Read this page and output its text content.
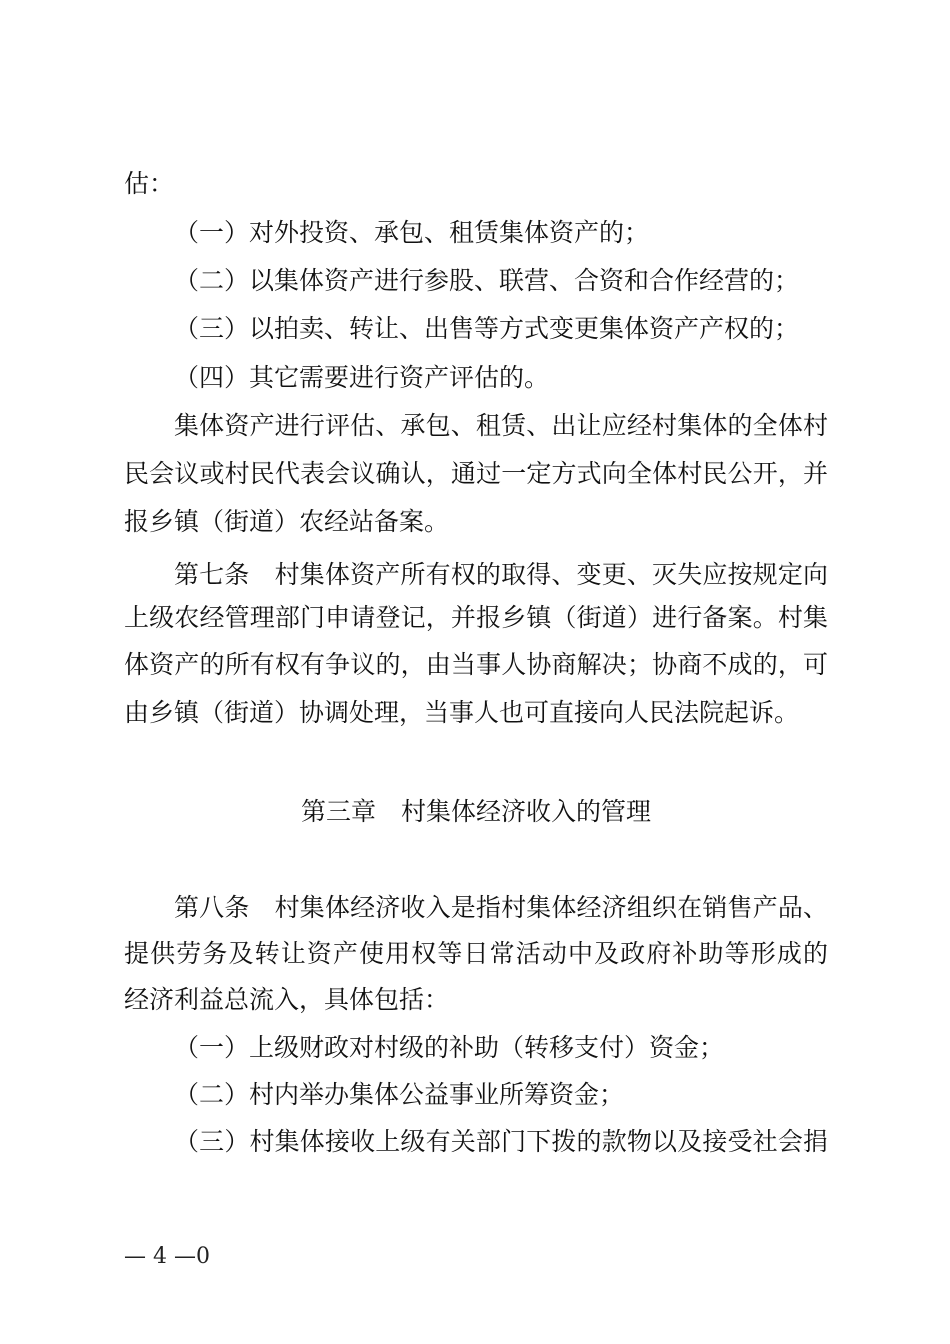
估：
（一）对外投资、承包、租赁集体资产的；
（二）以集体资产进行参股、联营、合资和合作经营的；
（三）以拍卖、转让、出售等方式变更集体资产产权的；
（四）其它需要进行资产评估的。
集体资产进行评估、承包、租赁、出让应经村集体的全体村
民会议或村民代表会议确认，通过一定方式向全体村民公开，并
报乡镇（街道）农经站备案。
第七条　村集体资产所有权的取得、变更、灭失应按规定向
上级农经管理部门申请登记，并报乡镇（街道）进行备案。村集
体资产的所有权有争议的，由当事人协商解决；协商不成的，可
由乡镇（街道）协调处理，当事人也可直接向人民法院起诉。
第三章　村集体经济收入的管理
第八条　村集体经济收入是指村集体经济组织在销售产品、
提供劳务及转让资产使用权等日常活动中及政府补助等形成的
经济利益总流入，具体包括：
（一）上级财政对村级的补助（转移支付）资金；
（二）村内举办集体公益事业所筹资金；
（三）村集体接收上级有关部门下拨的款物以及接受社会捐
— 4 —0
